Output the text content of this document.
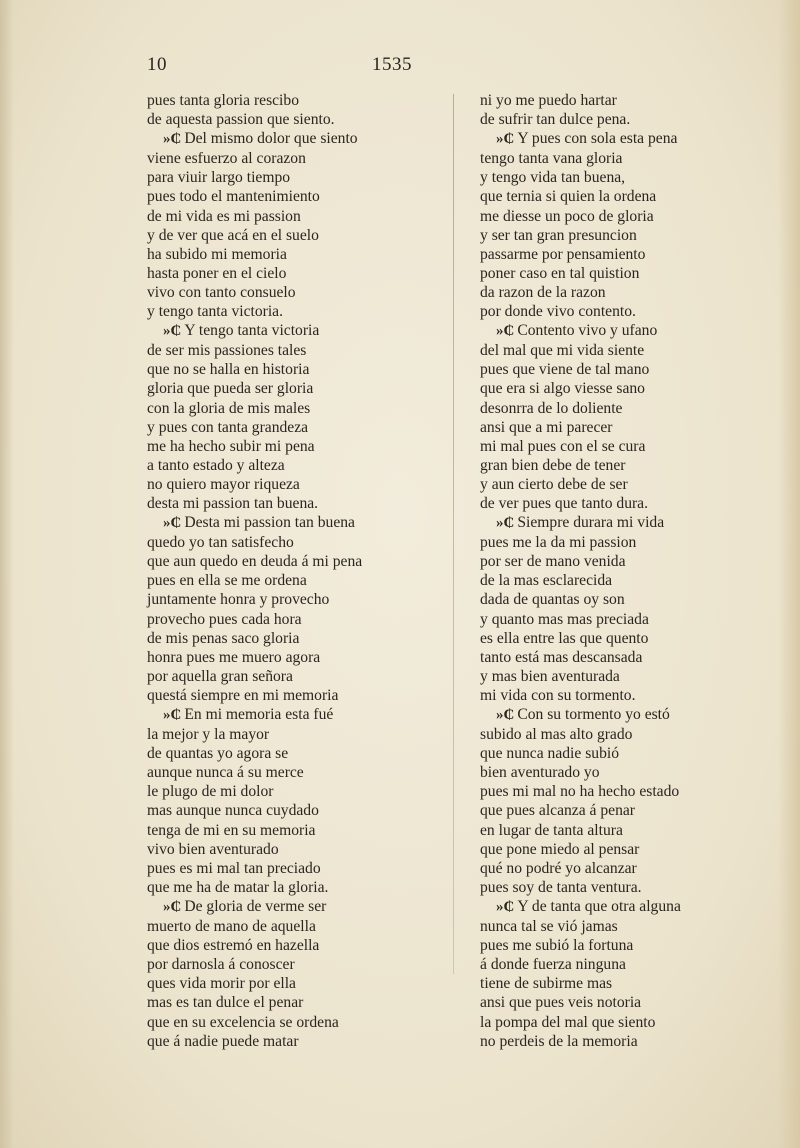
10	1535
pues tanta gloria rescibo
de aquesta passion que siento.
»₵ Del mismo dolor que siento
viene esfuerzo al corazon
para viuir largo tiempo
pues todo el mantenimiento
de mi vida es mi passion
y de ver que acá en el suelo
ha subido mi memoria
hasta poner en el cielo
vivo con tanto consuelo
y tengo tanta victoria.
»₵ Y tengo tanta victoria
de ser mis passiones tales
que no se halla en historia
gloria que pueda ser gloria
con la gloria de mis males
y pues con tanta grandeza
me ha hecho subir mi pena
a tanto estado y alteza
no quiero mayor riqueza
desta mi passion tan buena.
»₵ Desta mi passion tan buena
quedo yo tan satisfecho
que aun quedo en deuda á mi pena
pues en ella se me ordena
juntamente honra y provecho
provecho pues cada hora
de mis penas saco gloria
honra pues me muero agora
por aquella gran señora
questá siempre en mi memoria
»₵ En mi memoria esta fué
la mejor y la mayor
de quantas yo agora se
aunque nunca á su merce
le plugo de mi dolor
mas aunque nunca cuydado
tenga de mi en su memoria
vivo bien aventurado
pues es mi mal tan preciado
que me ha de matar la gloria.
»₵ De gloria de verme ser
muerto de mano de aquella
que dios estremó en hazella
por darnosla á conoscer
ques vida morir por ella
mas es tan dulce el penar
que en su excelencia se ordena
que á nadie puede matar
ni yo me puedo hartar
de sufrir tan dulce pena.
»₵ Y pues con sola esta pena
tengo tanta vana gloria
y tengo vida tan buena,
que ternia si quien la ordena
me diesse un poco de gloria
y ser tan gran presuncion
passarme por pensamiento
poner caso en tal quistion
da razon de la razon
por donde vivo contento.
»₵ Contento vivo y ufano
del mal que mi vida siente
pues que viene de tal mano
que era si algo viesse sano
desonrra de lo doliente
ansi que a mi parecer
mi mal pues con el se cura
gran bien debe de tener
y aun cierto debe de ser
de ver pues que tanto dura.
»₵ Siempre durara mi vida
pues me la da mi passion
por ser de mano venida
de la mas esclarecida
dada de quantas oy son
y quanto mas mas preciada
es ella entre las que quento
tanto está mas descansada
y mas bien aventurada
mi vida con su tormento.
»₵ Con su tormento yo estó
subido al mas alto grado
que nunca nadie subió
bien aventurado yo
pues mi mal no ha hecho estado
que pues alcanza á penar
en lugar de tanta altura
que pone miedo al pensar
qué no podré yo alcanzar
pues soy de tanta ventura.
»₵ Y de tanta que otra alguna
nunca tal se vió jamas
pues me subió la fortuna
á donde fuerza ninguna
tiene de subirme mas
ansi que pues veis notoria
la pompa del mal que siento
no perdeis de la memoria
